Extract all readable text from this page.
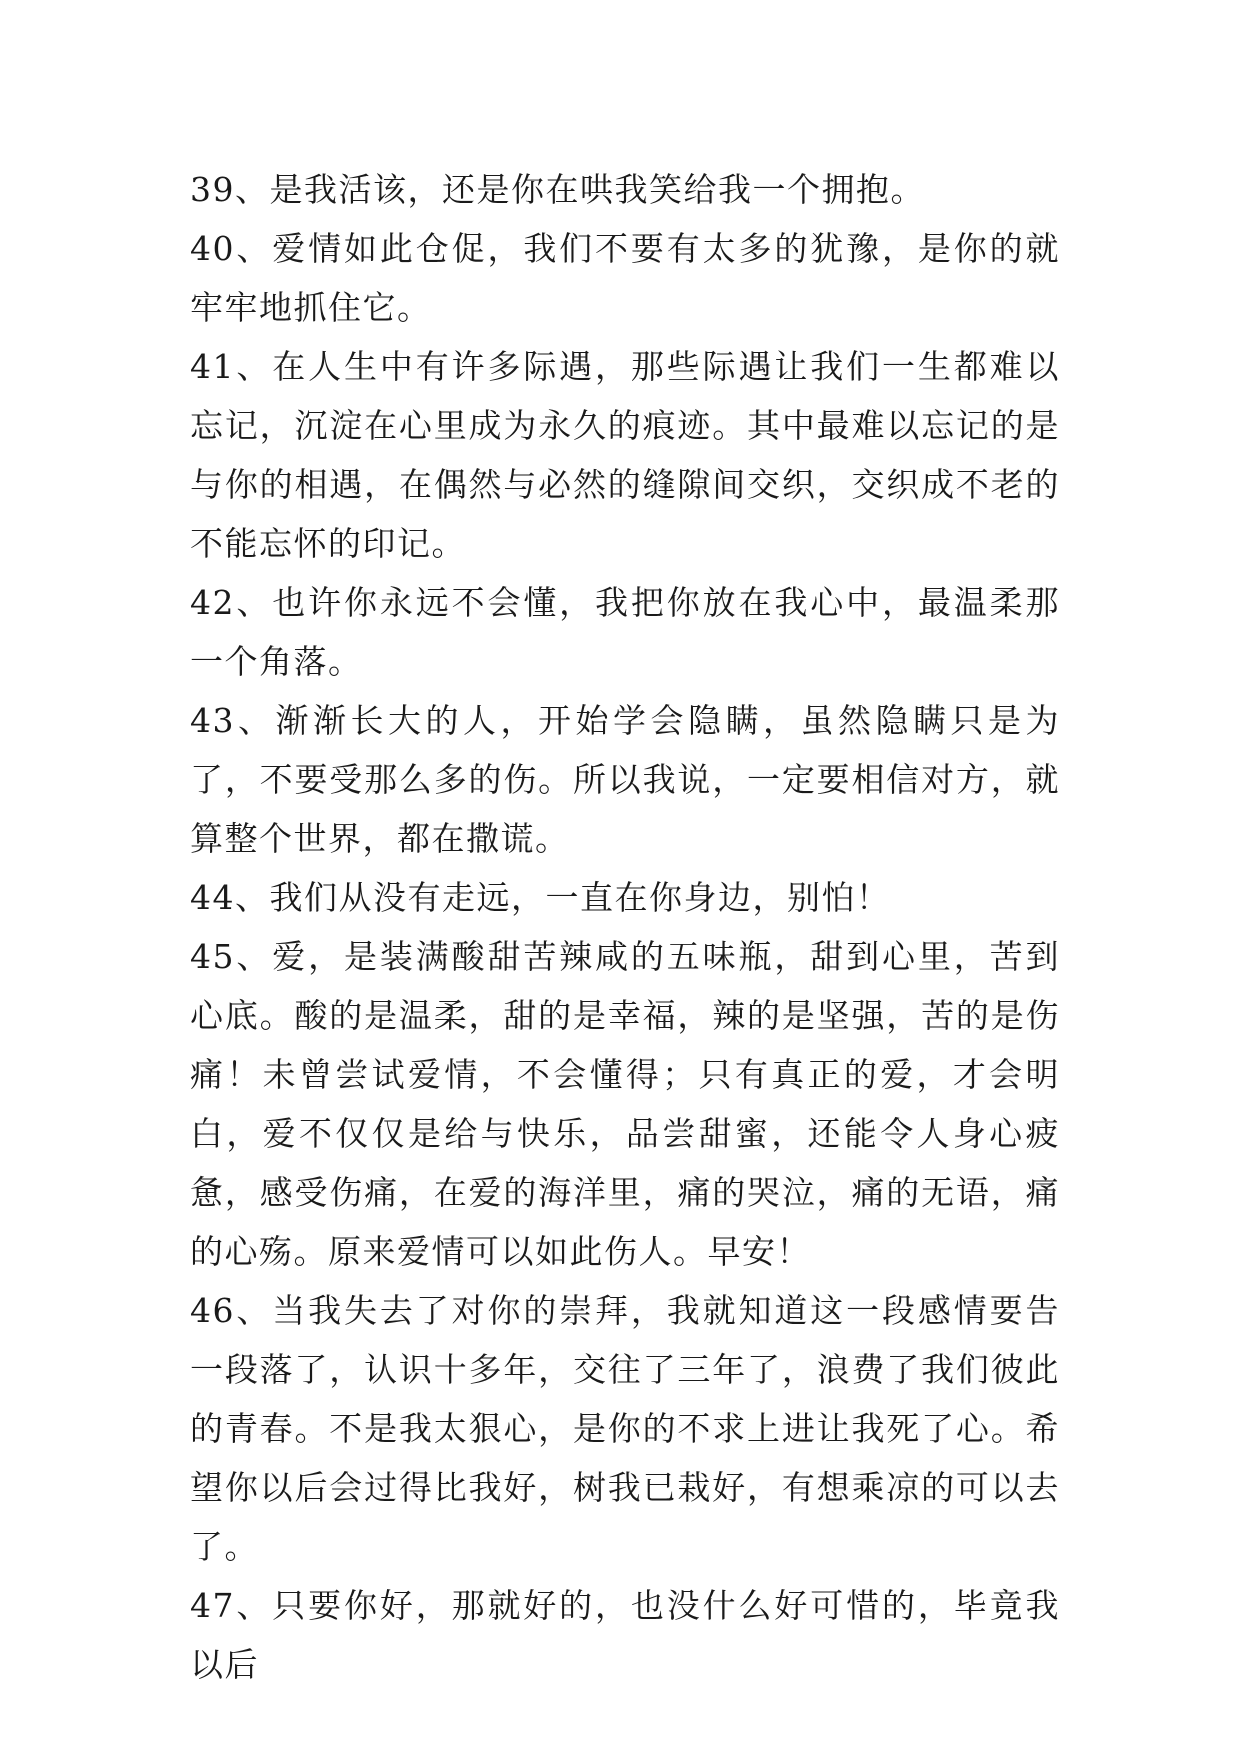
39、是我活该，还是你在哄我笑给我一个拥抱。

40、爱情如此仓促，我们不要有太多的犹豫，是你的就牢牢地抓住它。

41、在人生中有许多际遇，那些际遇让我们一生都难以忘记，沉淀在心里成为永久的痕迹。其中最难以忘记的是与你的相遇，在偶然与必然的缝隙间交织，交织成不老的不能忘怀的印记。

42、也许你永远不会懂，我把你放在我心中，最温柔那一个角落。

43、渐渐长大的人，开始学会隐瞒，虽然隐瞒只是为了，不要受那么多的伤。所以我说，一定要相信对方，就算整个世界，都在撒谎。

44、我们从没有走远，一直在你身边，别怕！

45、爱，是装满酸甜苦辣咸的五味瓶，甜到心里，苦到心底。酸的是温柔，甜的是幸福，辣的是坚强，苦的是伤痛！未曾尝试爱情，不会懂得；只有真正的爱，才会明白，爱不仅仅是给与快乐，品尝甜蜜，还能令人身心疲惫，感受伤痛，在爱的海洋里，痛的哭泣，痛的无语，痛的心殇。原来爱情可以如此伤人。早安！

46、当我失去了对你的崇拜，我就知道这一段感情要告一段落了，认识十多年，交往了三年了，浪费了我们彼此的青春。不是我太狠心，是你的不求上进让我死了心。希望你以后会过得比我好，树我已栽好，有想乘凉的可以去了。

47、只要你好，那就好的，也没什么好可惜的，毕竟我以后
